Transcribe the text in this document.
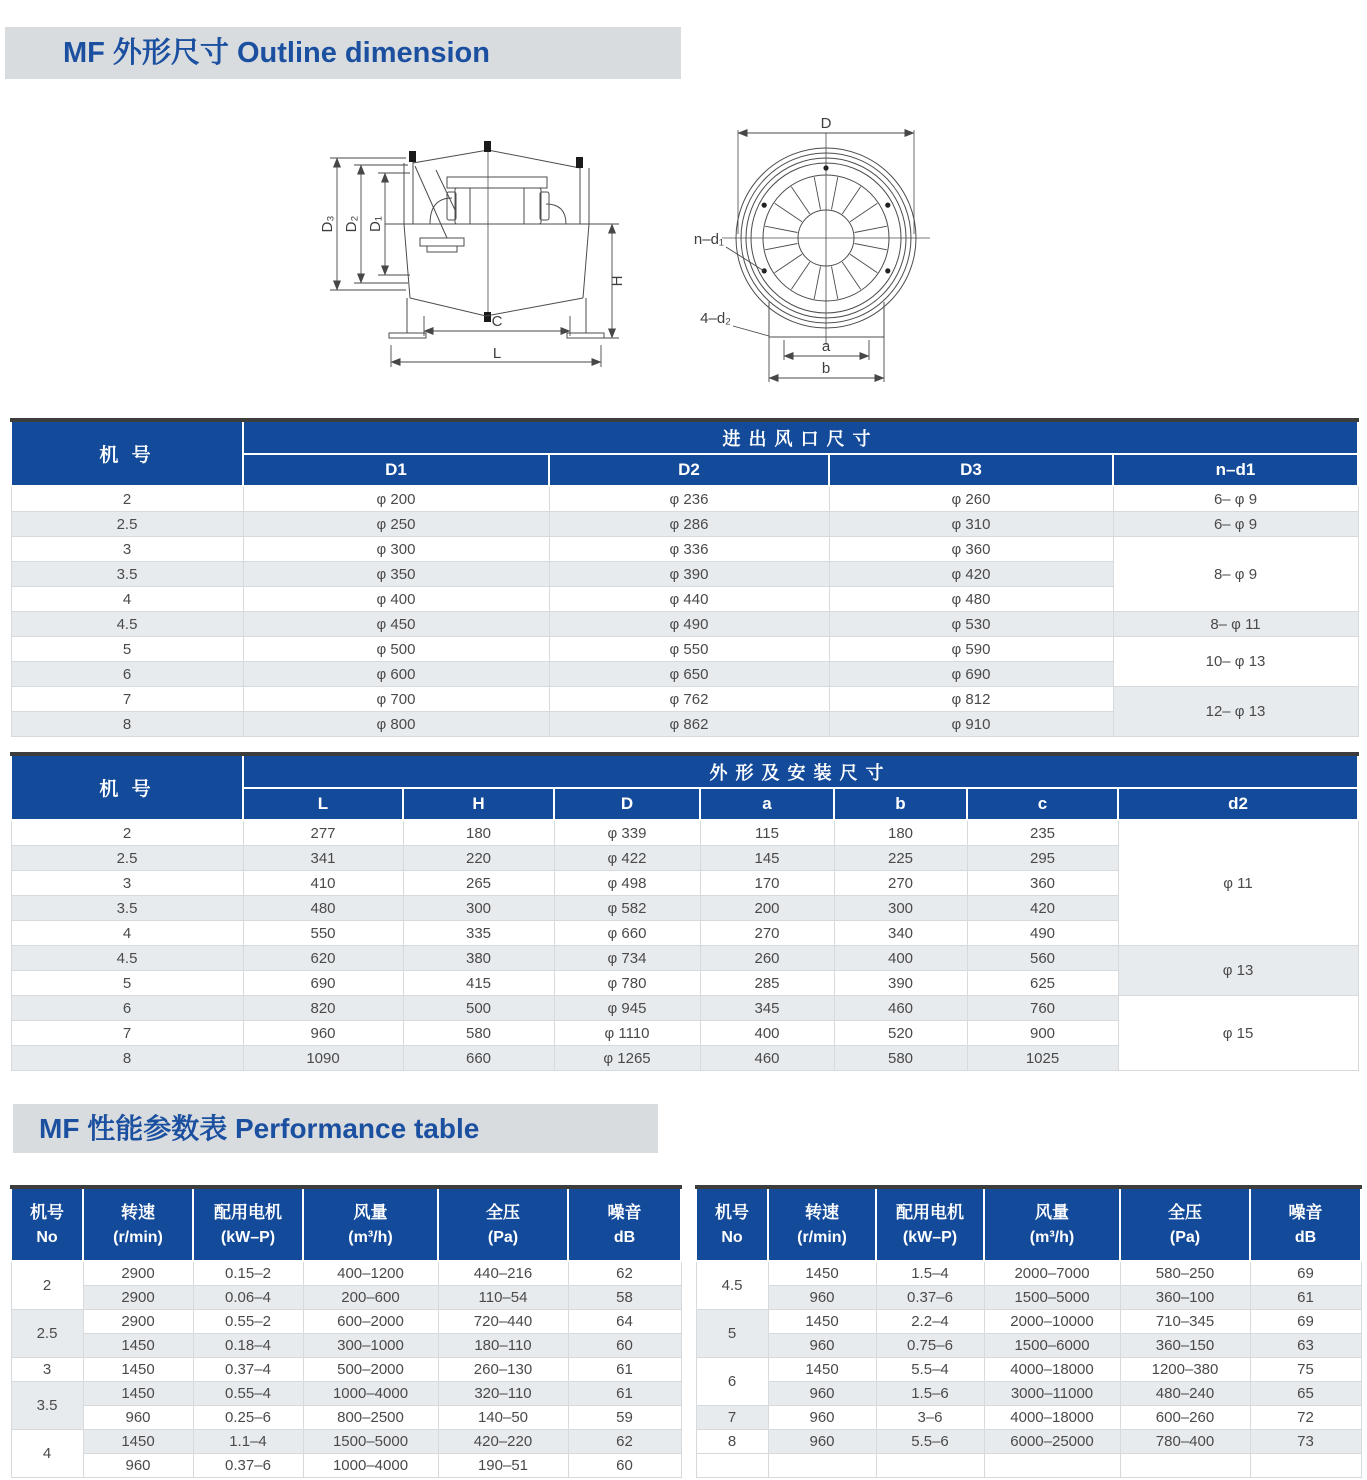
MF 外形尺寸 Outline dimension
D₃ D₂ D₁
H
C
L
D
n–d₁
4–d₂
a
b
机 号	进出风口尺寸			
	D1	D2	D3	n–d1
2	φ 200	φ 236	φ 260	6– φ 9
2.5	φ 250	φ 286	φ 310	6– φ 9
3	φ 300	φ 336	φ 360	8– φ 9
3.5	φ 350	φ 390	φ 420	
4	φ 400	φ 440	φ 480	
4.5	φ 450	φ 490	φ 530	8– φ 11
5	φ 500	φ 550	φ 590	10– φ 13
6	φ 600	φ 650	φ 690	
7	φ 700	φ 762	φ 812	12– φ 13
8	φ 800	φ 862	φ 910	
机 号	外形及安装尺寸						
	L	H	D	a	b	c	d2
2	277	180	φ 339	115	180	235	φ 11
2.5	341	220	φ 422	145	225	295	
3	410	265	φ 498	170	270	360	
3.5	480	300	φ 582	200	300	420	
4	550	335	φ 660	270	340	490	
4.5	620	380	φ 734	260	400	560	φ 13
5	690	415	φ 780	285	390	625	
6	820	500	φ 945	345	460	760	φ 15
7	960	580	φ 1110	400	520	900	
8	1090	660	φ 1265	460	580	1025	
MF 性能参数表 Performance table
机号
No

转速
(r/min)

配用电机
(kW–P)

风量
(m³/h)

全压
(Pa)

噪音
dB

2	2900	0.15–2	400–1200	440–216	62
	2900	0.06–4	200–600	110–54	58
2.5	2900	0.55–2	600–2000	720–440	64
	1450	0.18–4	300–1000	180–110	60
3	1450	0.37–4	500–2000	260–130	61
3.5	1450	0.55–4	1000–4000	320–110	61
	960	0.25–6	800–2500	140–50	59
4	1450	1.1–4	1500–5000	420–220	62
	960	0.37–6	1000–4000	190–51	60
机号
No

转速
(r/min)

配用电机
(kW–P)

风量
(m³/h)

全压
(Pa)

噪音
dB

4.5	1450	1.5–4	2000–7000	580–250	69
	960	0.37–6	1500–5000	360–100	61
5	1450	2.2–4	2000–10000	710–345	69
	960	0.75–6	1500–6000	360–150	63
6	1450	5.5–4	4000–18000	1200–380	75
	960	1.5–6	3000–11000	480–240	65
7	960	3–6	4000–18000	600–260	72
8	960	5.5–6	6000–25000	780–400	73
